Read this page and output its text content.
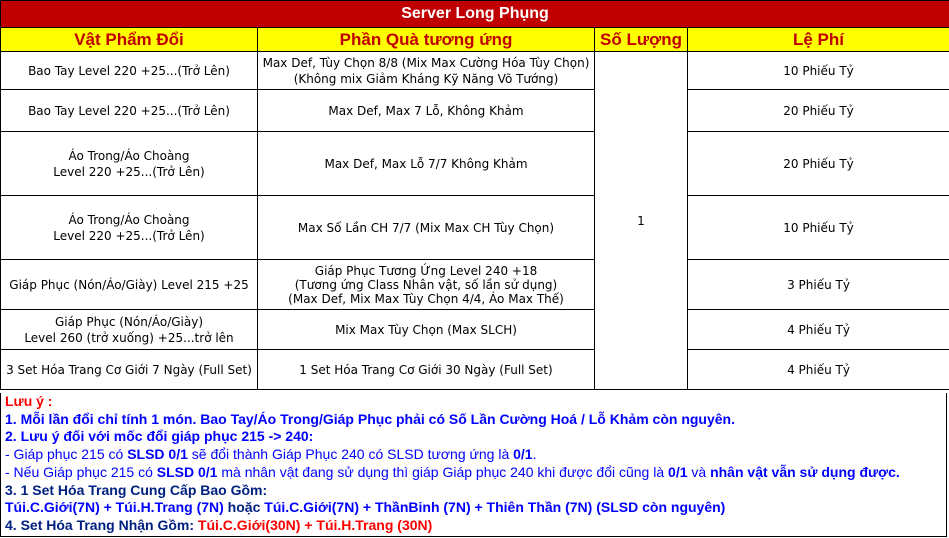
Server Long Phụng			
Vật Phẩm Đổi	Phần Quà tương ứng	Số Lượng	Lệ Phí

Bao Tay Level 220 +25...(Trở Lên)	Max Def, Tùy Chọn 8/8 (Mix Max Cường Hóa Tùy Chọn)
(Không mix Giảm Kháng Kỹ Năng Võ Tướng)	1	10 Phiếu Tỷ

Bao Tay Level 220 +25...(Trở Lên)	Max Def, Max 7 Lỗ, Không Khảm		20 Phiếu Tỷ

Áo Trong/Áo Choàng
Level 220 +25...(Trở Lên)	Max Def, Max Lỗ 7/7 Không Khảm		20 Phiếu Tỷ

Áo Trong/Áo Choàng
Level 220 +25...(Trở Lên)	Max Số Lần CH 7/7 (Mix Max CH Tùy Chọn)		10 Phiếu Tỷ

Giáp Phục (Nón/Áo/Giày) Level 215 +25	Giáp Phục Tương Ứng Level 240 +18
(Tương ứng Class Nhân vật, số lần sử dụng)
(Max Def, Mix Max Tùy Chọn 4/4, Áo Max Thế)		3 Phiếu Tỷ

Giáp Phục (Nón/Áo/Giày)
Level 260 (trở xuống) +25...trở lên	Mix Max Tùy Chọn (Max SLCH)		4 Phiếu Tỷ

3 Set Hóa Trang Cơ Giới 7 Ngày (Full Set)	1 Set Hóa Trang Cơ Giới 30 Ngày (Full Set)		4 Phiếu Tỷ
Lưu ý :
1. Mỗi lần đổi chỉ tính 1 món. Bao Tay/Áo Trong/Giáp Phục phải có Số Lần Cường Hoá / Lỗ Khảm còn nguyên.
2. Lưu ý đối với mốc đổi giáp phục 215 -> 240:
- Giáp phục 215 có SLSD 0/1 sẽ đổi thành Giáp Phục 240 có SLSD tương ứng là 0/1.
- Nếu Giáp phục 215 có SLSD 0/1 mà nhân vật đang sử dụng thì giáp Giáp phục 240 khi được đổi cũng là 0/1 và nhân vật vẫn sử dụng được.
3. 1 Set Hóa Trang Cung Cấp Bao Gồm:
Túi.C.Giới(7N) + Túi.H.Trang (7N) hoặc Túi.C.Giới(7N) + ThầnBinh (7N) + Thiên Thần (7N) (SLSD còn nguyên)
4. Set Hóa Trang Nhận Gồm: Túi.C.Giới(30N) + Túi.H.Trang (30N)
